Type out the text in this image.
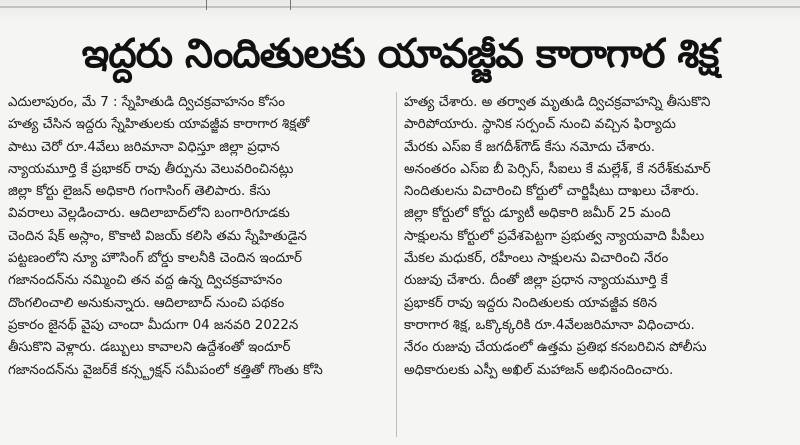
ఇద్దరు నిందితులకు యావజ్జీవ కారాగార శిక్ష
ఎదులాపురం, మే 7 : స్నేహితుడి ద్విచక్రవాహనం కోసం
హత్య చేసిన ఇద్దరు స్నేహితులకు యావజ్జీవ కారాగార శిక్షతో
పాటు చెరో రూ.4వేలు జరిమానా విధిస్తూ జిల్లా ప్రధాన
న్యాయమూర్తి కే ప్రభాకర్ రావు తీర్పును వెలువరించినట్లు
జిల్లా కోర్టు లైజన్ అధికారి గంగాసింగ్ తెలిపారు. కేసు
వివరాలు వెల్లడించారు. ఆదిలాబాద్‌లోని బంగారిగూడకు
చెందిన షేక్ అస్లాం, కొకాటి విజయ్ కలిసి తమ స్నేహితుడైన
పట్టణంలోని న్యూ హౌసింగ్ బోర్డు కాలనీకి చెందిన ఇందూర్
గజానందన్‌ను నమ్మించి తన వద్ద ఉన్న ద్విచక్రవాహనం
దొంగలించాలి అనుకున్నారు. ఆదిలాబాద్ నుంచి పథకం
ప్రకారం జైనథ్ వైపు చాందా మీదుగా 04 జనవరి 2022న
తీసుకొని వెళ్లారు. డబ్బులు కావాలని ఉద్దేశంతో ఇందూర్
గజానందన్‌ను వైజర్‌కే కన్స్ట్రక్షన్ సమీపంలో కత్తితో గొంతు కోసి
హత్య చేశారు. అ తర్వాత మృతుడి ద్విచక్రవాహన్ని తీసుకొని
పారిపోయారు. స్థానిక సర్పంచ్ నుంచి వచ్చిన ఫిర్యాదు
మేరకు ఎస్ఐ కే జగదీశ్‌గౌడ్ కేసు నమోదు చేశారు.
అనంతరం ఎస్ఐ బీ పెర్సిస్, సీఐలు కే మల్లేశ్, కే నరేశ్‌కుమార్
నిందితులను విచారించి కోర్టులో చార్జిషీటు దాఖలు చేశారు.
జిల్లా కోర్టులో కోర్టు డ్యూటీ అధికారి జమీర్ 25 మంది
సాక్షులను కోర్టులో ప్రవేశపెట్టగా ప్రభుత్వ న్యాయవాది పీపీలు
మేకల మధుకర్, రహీంలు సాక్షులను విచారించి నేరం
రుజువు చేశారు. దీంతో జిల్లా ప్రధాన న్యాయమూర్తి కే
ప్రభాకర్ రావు ఇద్దరు నిందితులకు యావజ్జీవ కఠిన
కారాగార శిక్ష, ఒక్కొక్కరికి రూ.4వేలజరిమానా విధించారు.
నేరం రుజువు చేయడంలో ఉత్తమ ప్రతిభ కనబరిచిన పోలీసు
అధికారులకు ఎస్పీ అఖిల్ మహాజన్ అభినందించారు.
